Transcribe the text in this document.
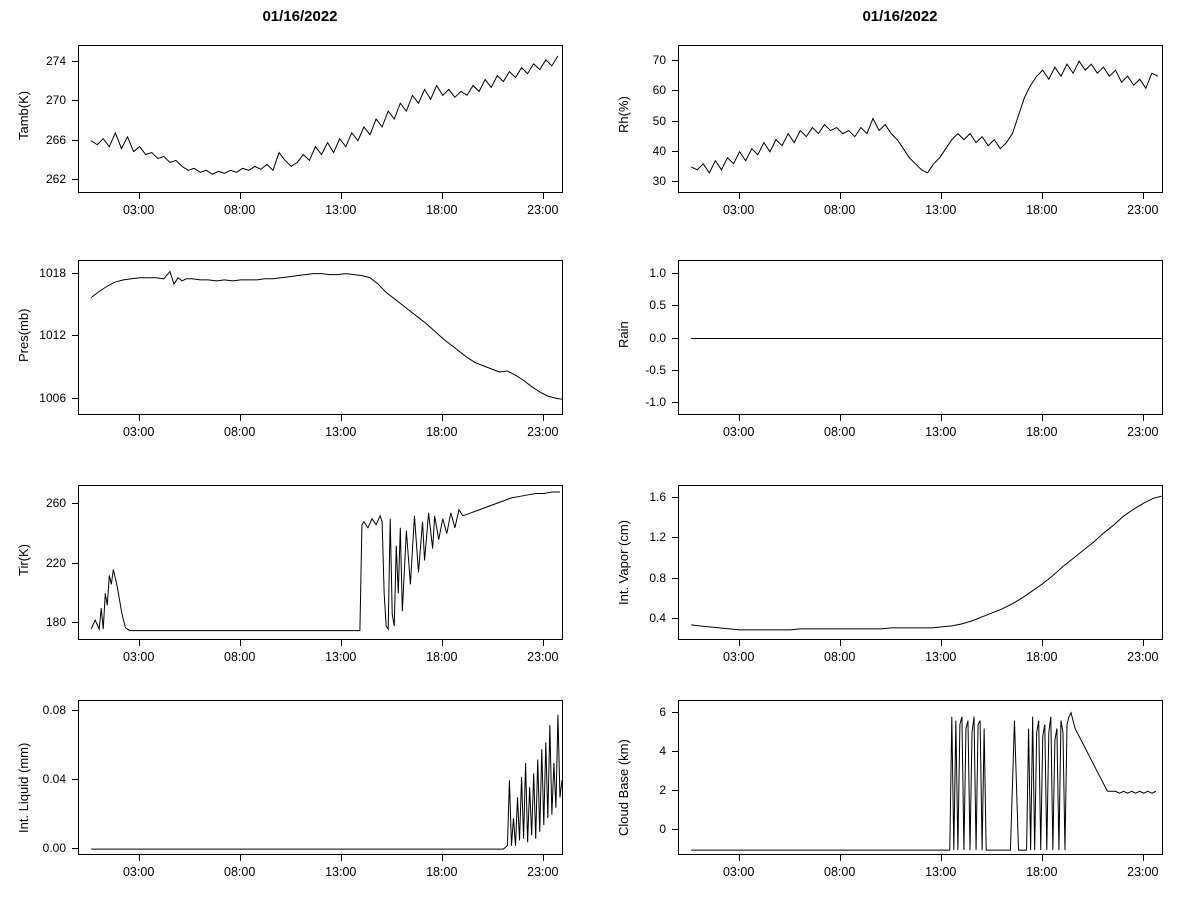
01/16/2022
Tamb(K)
262
266
270
274
03:00	08:00	13:00	18:00	23:00
01/16/2022
Rh(%)
30
40
50
60
70
03:00	08:00	13:00	18:00	23:00
Pres(mb)
1006
1012
1018
03:00	08:00	13:00	18:00	23:00
Rain
-1.0
-0.5
0.0
0.5
1.0
03:00	08:00	13:00	18:00	23:00
Tir(K)
180
220
260
03:00	08:00	13:00	18:00	23:00
Int. Vapor (cm)
0.4
0.8
1.2
1.6
03:00	08:00	13:00	18:00	23:00
Int. Liquid (mm)
0.00
0.04
0.08
03:00	08:00	13:00	18:00	23:00
Cloud Base (km)	0
2
4
6
03:00	08:00	13:00	18:00	23:00
